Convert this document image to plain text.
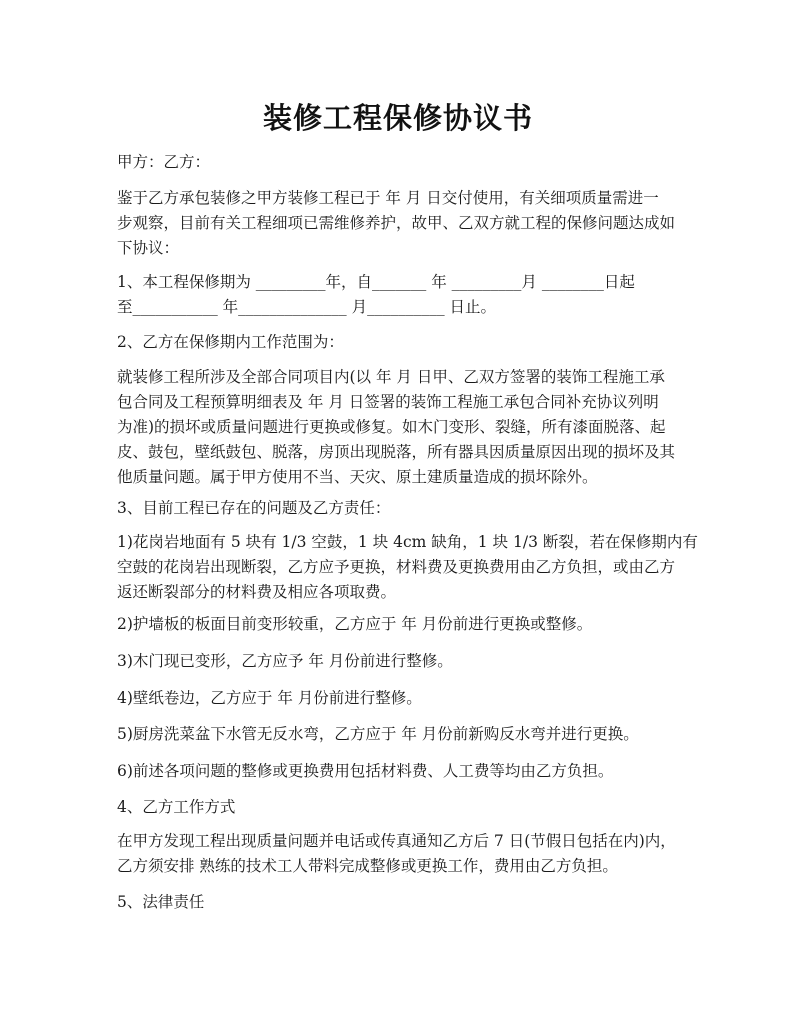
装修工程保修协议书
甲方：乙方：
鉴于乙方承包装修之甲方装修工程已于 年 月 日交付使用，有关细项质量需进一
步观察，目前有关工程细项已需维修养护，故甲、乙双方就工程的保修问题达成如
下协议：
1、本工程保修期为 _________年，自_______ 年 _________月 ________日起
至___________ 年______________ 月__________ 日止。
2、乙方在保修期内工作范围为：
就装修工程所涉及全部合同项目内(以 年 月 日甲、乙双方签署的装饰工程施工承
包合同及工程预算明细表及 年 月 日签署的装饰工程施工承包合同补充协议列明
为准)的损坏或质量问题进行更换或修复。如木门变形、裂缝，所有漆面脱落、起
皮、鼓包，壁纸鼓包、脱落，房顶出现脱落，所有器具因质量原因出现的损坏及其
他质量问题。属于甲方使用不当、天灾、原土建质量造成的损坏除外。
3、目前工程已存在的问题及乙方责任：
1)花岗岩地面有 5 块有 1/3 空鼓，1 块 4cm 缺角，1 块 1/3 断裂，若在保修期内有
空鼓的花岗岩出现断裂，乙方应予更换，材料费及更换费用由乙方负担，或由乙方
返还断裂部分的材料费及相应各项取费。
2)护墙板的板面目前变形较重，乙方应于 年 月份前进行更换或整修。
3)木门现已变形，乙方应予 年 月份前进行整修。
4)壁纸卷边，乙方应于 年 月份前进行整修。
5)厨房洗菜盆下水管无反水弯，乙方应于 年 月份前新购反水弯并进行更换。
6)前述各项问题的整修或更换费用包括材料费、人工费等均由乙方负担。
4、乙方工作方式
在甲方发现工程出现质量问题并电话或传真通知乙方后 7 日(节假日包括在内)内，
乙方须安排 熟练的技术工人带料完成整修或更换工作，费用由乙方负担。
5、法律责任
